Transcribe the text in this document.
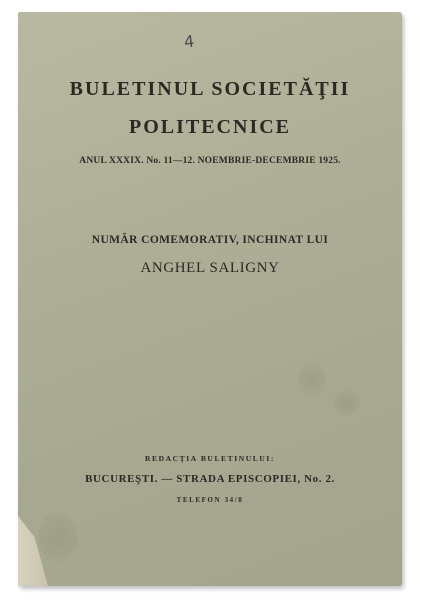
4
BULETINUL SOCIETĂŢII
POLITECNICE
ANUL XXXIX. No. 11—12. NOEMBRIE-DECEMBRIE 1925.
NUMĂR COMEMORATIV, INCHINAT LUI
ANGHEL SALIGNY
REDACŢIA BULETINULUI:
BUCUREŞTI. — STRADA EPISCOPIEI, No. 2.
TELEFON 34/8
